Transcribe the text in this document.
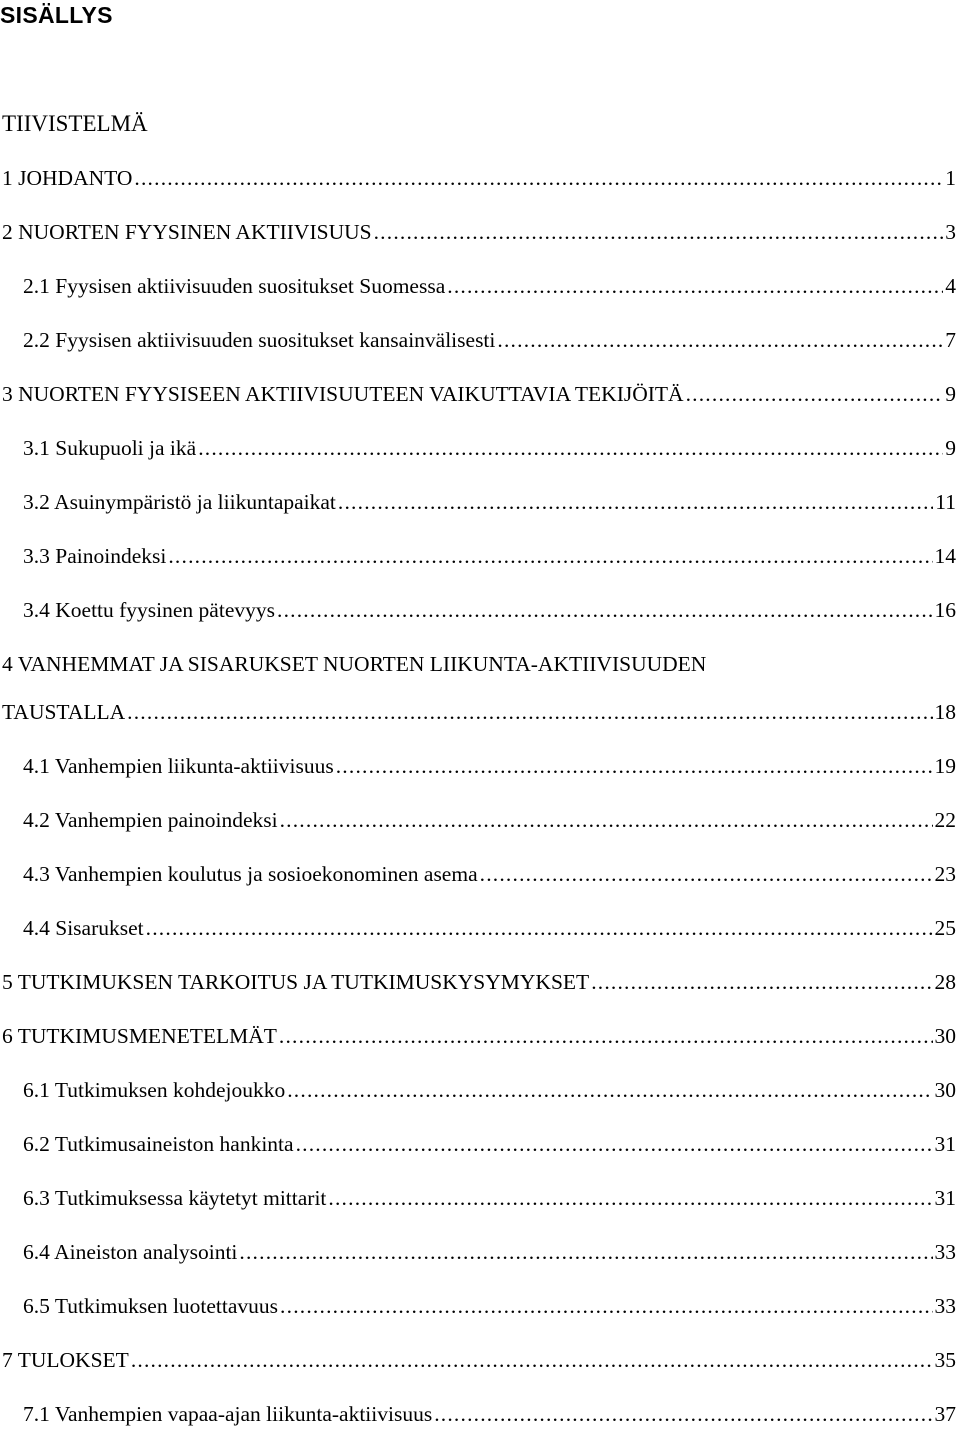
SISÄLLYS
TIIVISTELMÄ
1 JOHDANTO .....	1
2 NUORTEN FYYSINEN AKTIIVISUUS .....	3
2.1 Fyysisen aktiivisuuden suositukset Suomessa .....	4
2.2 Fyysisen aktiivisuuden suositukset kansainvälisesti .....	7
3 NUORTEN FYYSISEEN AKTIIVISUUTEEN VAIKUTTAVIA TEKIJÖITÄ .....	9
3.1 Sukupuoli ja ikä .....	9
3.2 Asuinympäristö ja liikuntapaikat .....	11
3.3 Painoindeksi .....	14
3.4 Koettu fyysinen pätevyys .....	16
4 VANHEMMAT JA SISARUKSET NUORTEN LIIKUNTA-AKTIIVISUUDEN
TAUSTALLA .....	18
4.1 Vanhempien liikunta-aktiivisuus .....	19
4.2 Vanhempien painoindeksi .....	22
4.3 Vanhempien koulutus ja sosioekonominen asema .....	23
4.4 Sisarukset .....	25
5 TUTKIMUKSEN TARKOITUS JA TUTKIMUSKYSYMYKSET .....	28
6 TUTKIMUSMENETELMÄT .....	30
6.1 Tutkimuksen kohdejoukko .....	30
6.2 Tutkimusaineiston hankinta .....	31
6.3 Tutkimuksessa käytetyt mittarit .....	31
6.4 Aineiston analysointi .....	33
6.5 Tutkimuksen luotettavuus .....	33
7 TULOKSET .....	35
7.1 Vanhempien vapaa-ajan liikunta-aktiivisuus .....	37
